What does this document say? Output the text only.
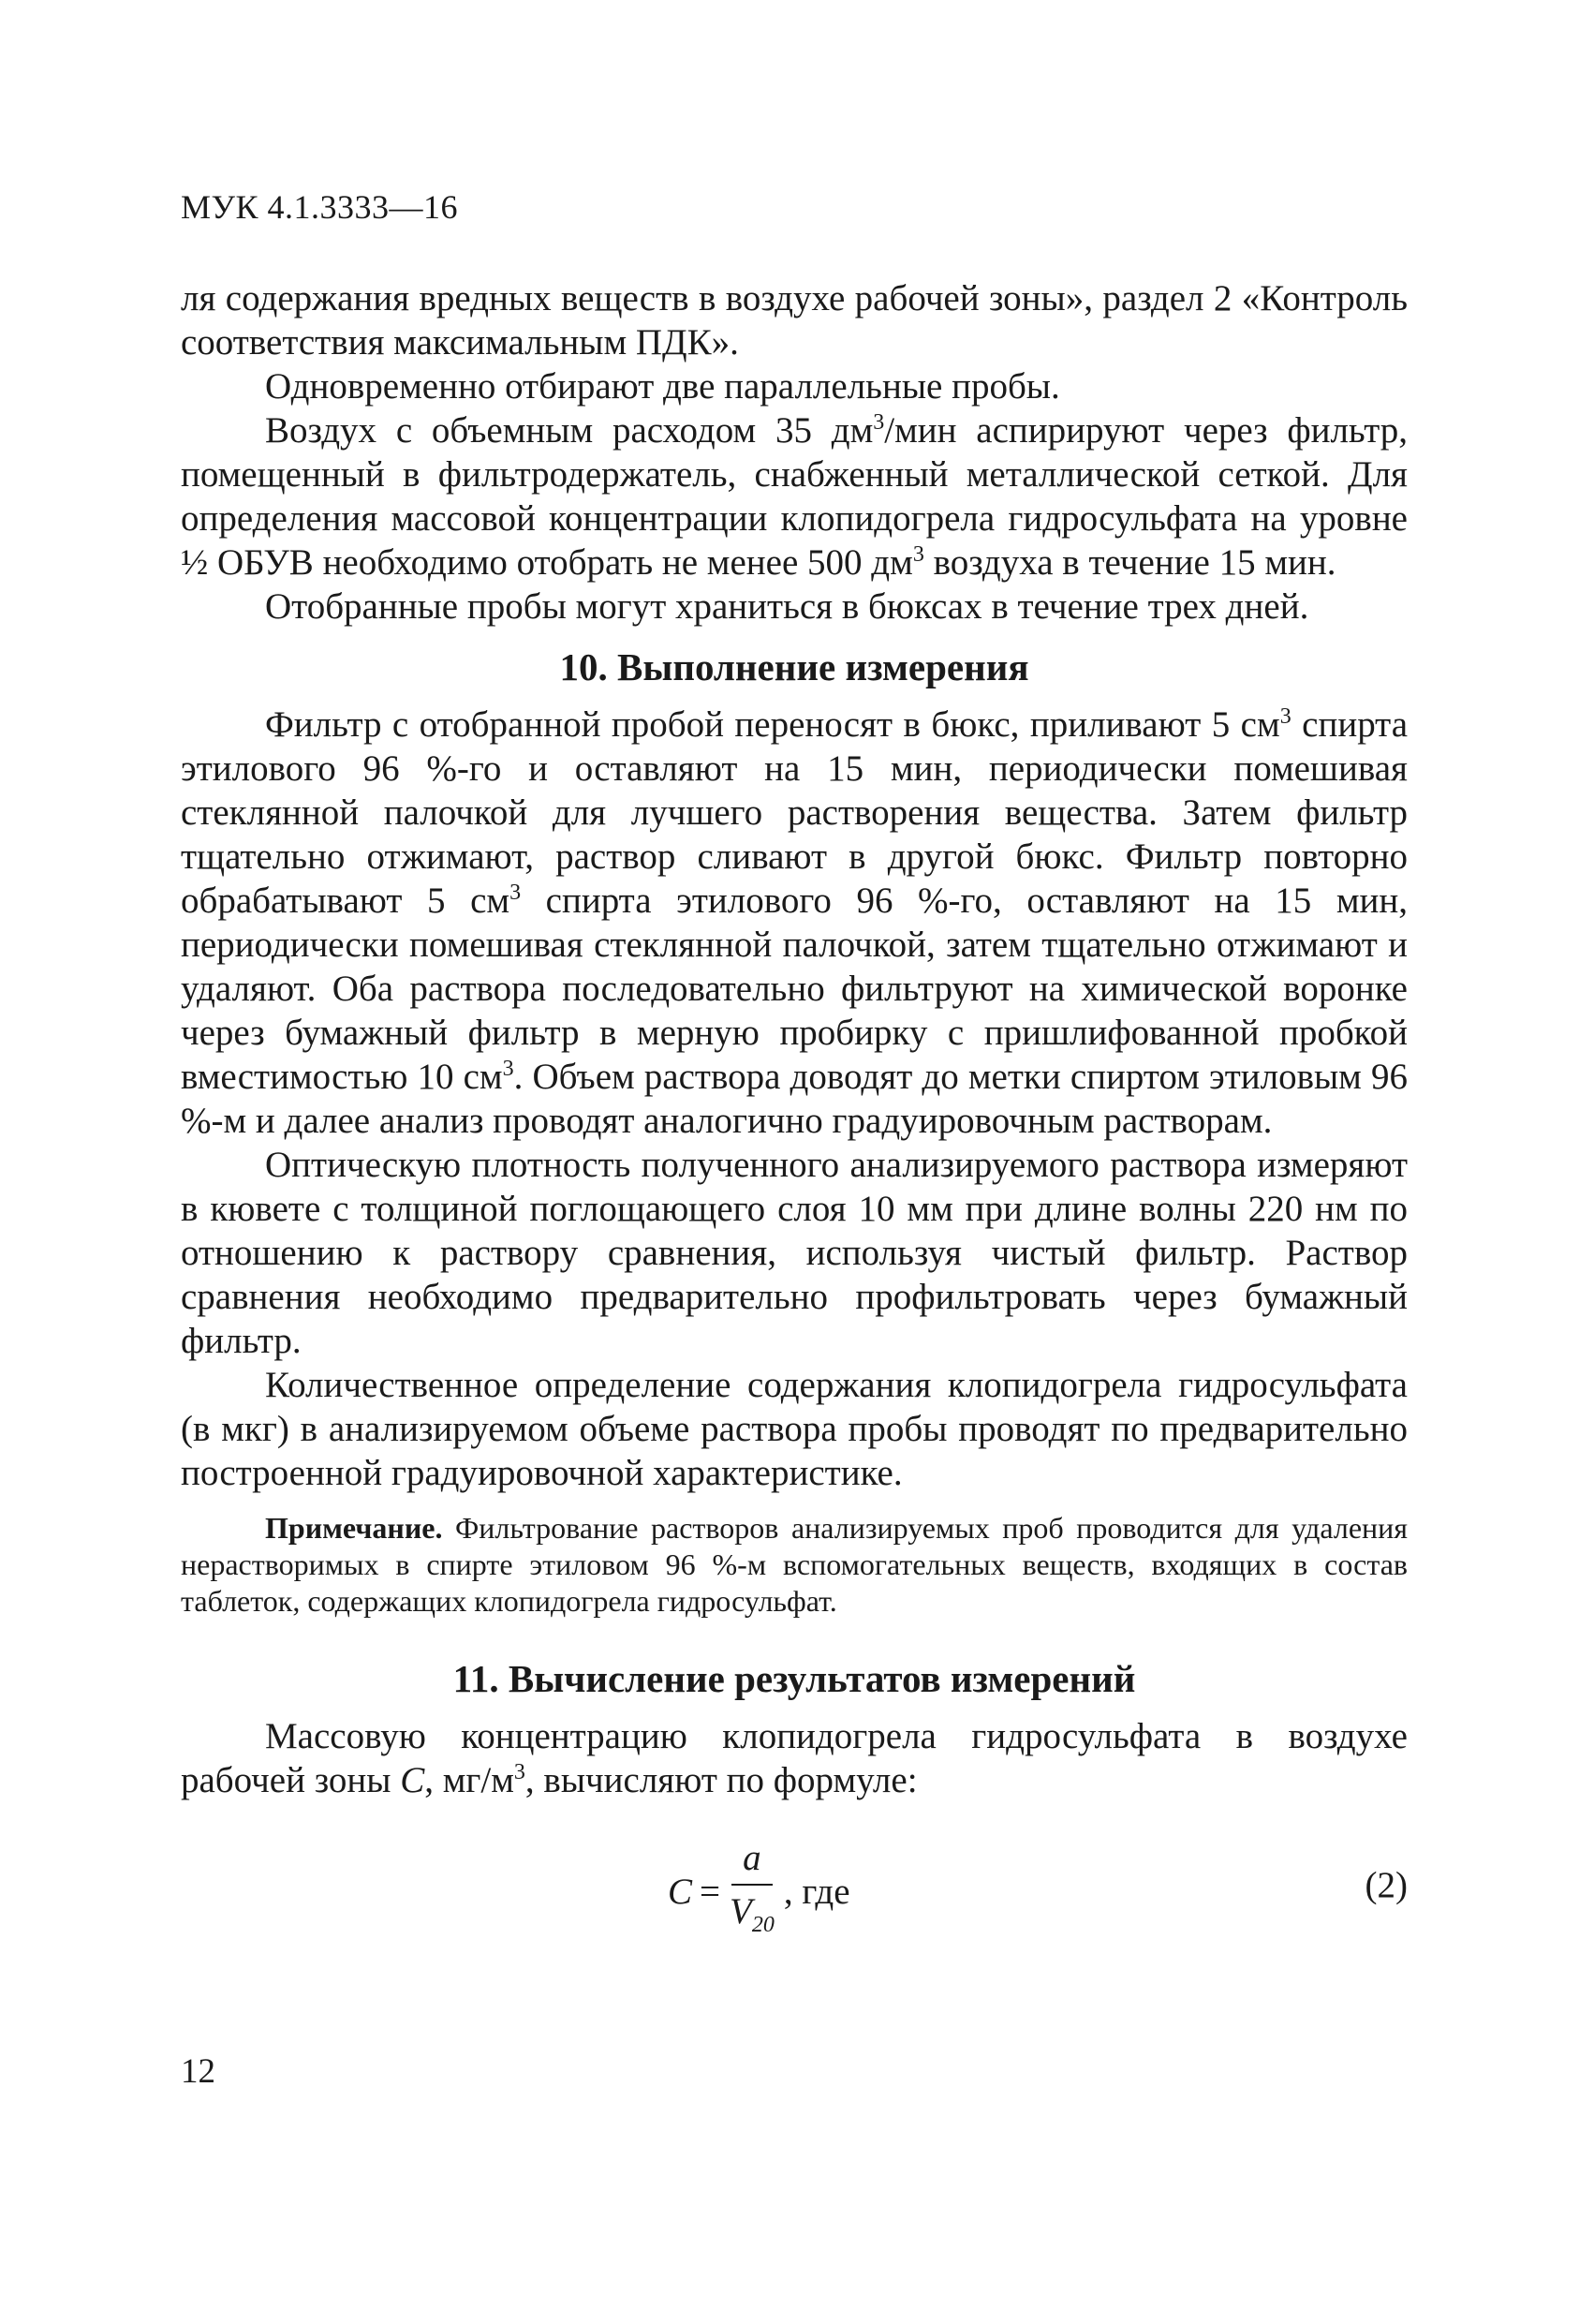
МУК 4.1.3333—16

ля содержания вредных веществ в воздухе рабочей зоны», раздел 2 «Контроль соответствия максимальным ПДК».

Одновременно отбирают две параллельные пробы.

Воздух с объемным расходом 35 $дм^3$/мин аспирируют через фильтр, помещенный в фильтродержатель, снабженный металлической сеткой. Для определения массовой концентрации клопидогрела гидросульфата на уровне ½ ОБУВ необходимо отобрать не менее 500 $дм^3$ воздуха в течение 15 мин.

Отобранные пробы могут храниться в бюксах в течение трех дней.

10. Выполнение измерения

Фильтр с отобранной пробой переносят в бюкс, приливают 5 $см^3$ спирта этилового 96 %-го и оставляют на 15 мин, периодически помешивая стеклянной палочкой для лучшего растворения вещества. Затем фильтр тщательно отжимают, раствор сливают в другой бюкс. Фильтр повторно обрабатывают 5 $см^3$ спирта этилового 96 %-го, оставляют на 15 мин, периодически помешивая стеклянной палочкой, затем тщательно отжимают и удаляют. Оба раствора последовательно фильтруют на химической воронке через бумажный фильтр в мерную пробирку с пришлифованной пробкой вместимостью 10 $см^3$. Объем раствора доводят до метки спиртом этиловым 96 %-м и далее анализ проводят аналогично градуировочным растворам.

Оптическую плотность полученного анализируемого раствора измеряют в кювете с толщиной поглощающего слоя 10 мм при длине волны 220 нм по отношению к раствору сравнения, используя чистый фильтр. Раствор сравнения необходимо предварительно профильтровать через бумажный фильтр.

Количественное определение содержания клопидогрела гидросульфата (в мкг) в анализируемом объеме раствора пробы проводят по предварительно построенной градуировочной характеристике.

Примечание. Фильтрование растворов анализируемых проб проводится для удаления нерастворимых в спирте этиловом 96 %-м вспомогательных веществ, входящих в состав таблеток, содержащих клопидогрела гидросульфат.
11. Вычисление результатов измерений

Массовую концентрацию клопидогрела гидросульфата в воздухе рабочей зоны С, $мг/м^3$, вычисляют по формуле:

$С = \frac{a}{V_{20}}$ , где	(2)
12
